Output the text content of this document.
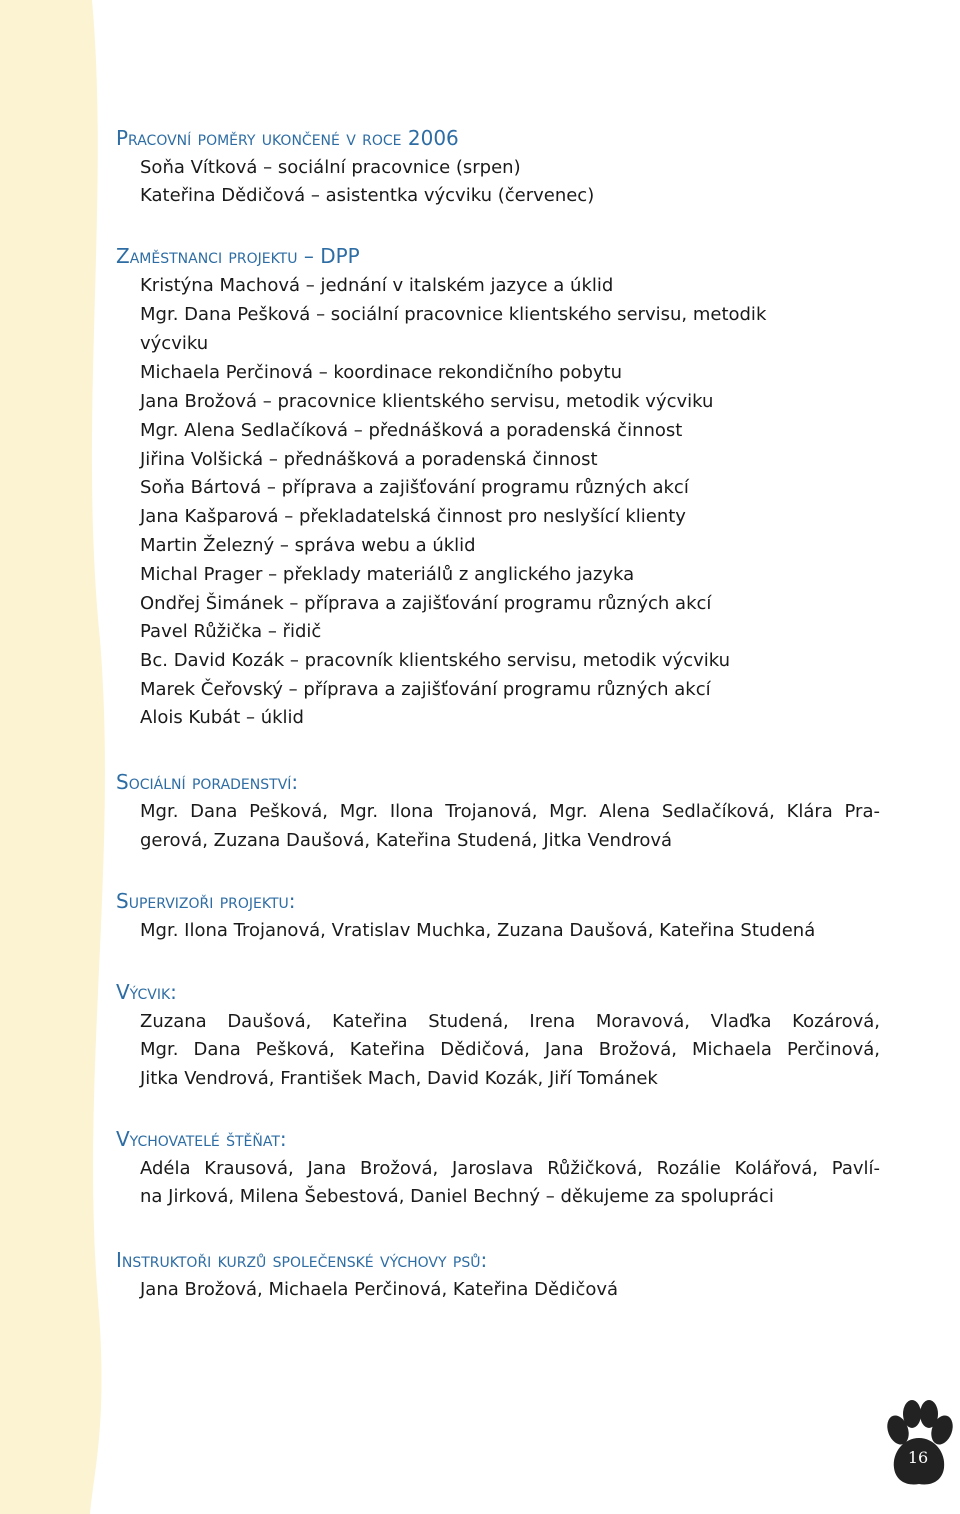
Pracovní poměry ukončené v roce 2006
Soňa Vítková – sociální pracovnice (srpen)
Kateřina Dědičová – asistentka výcviku (červenec)
Zaměstnanci projektu – DPP
Kristýna Machová – jednání v italském jazyce a úklid
Mgr. Dana Pešková – sociální pracovnice klientského servisu, metodik
výcviku
Michaela Perčinová – koordinace rekondičního pobytu
Jana Brožová – pracovnice klientského servisu, metodik výcviku
Mgr. Alena Sedlačíková – přednášková a poradenská činnost
Jiřina Volšická – přednášková a poradenská činnost
Soňa Bártová – příprava a zajišťování programu různých akcí
Jana Kašparová – překladatelská činnost pro neslyšící klienty
Martin Železný – správa webu a úklid
Michal Prager – překlady materiálů z anglického jazyka
Ondřej Šimánek – příprava a zajišťování programu různých akcí
Pavel Růžička – řidič
Bc. David Kozák – pracovník klientského servisu, metodik výcviku
Marek Čeřovský – příprava a zajišťování programu různých akcí
Alois Kubát – úklid
Sociální poradenství:
Mgr. Dana Pešková, Mgr. Ilona Trojanová, Mgr. Alena Sedlačíková, Klára Pra-
gerová, Zuzana Daušová, Kateřina Studená, Jitka Vendrová
Supervizoři projektu:
Mgr. Ilona Trojanová, Vratislav Muchka, Zuzana Daušová, Kateřina Studená
Výcvik:
Zuzana Daušová, Kateřina Studená, Irena Moravová, Vlaďka Kozárová,
Mgr. Dana Pešková, Kateřina Dědičová, Jana Brožová, Michaela Perčinová,
Jitka Vendrová, František Mach, David Kozák, Jiří Tománek
Vychovatelé štěňat:
Adéla Krausová, Jana Brožová, Jaroslava Růžičková, Rozálie Kolářová, Pavlí-
na Jirková, Milena Šebestová, Daniel Bechný – děkujeme za spolupráci
Instruktoři kurzů společenské výchovy psů:
Jana Brožová, Michaela Perčinová, Kateřina Dědičová
16
